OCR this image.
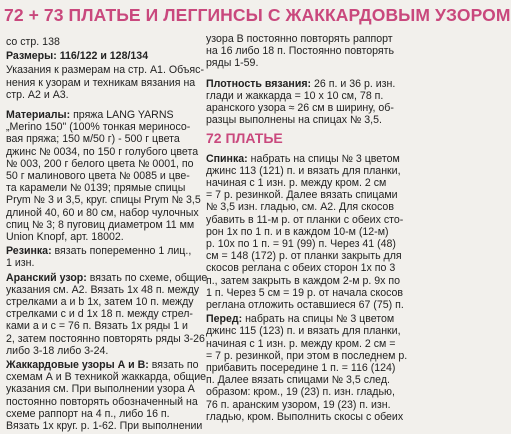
72 + 73 ПЛАТЬЕ И ЛЕГГИНСЫ С ЖАККАРДОВЫМ УЗОРОМ
со стр. 138
Размеры: 116/122 и 128/134
Указания к размерам на стр. А1. Объяс-
нения к узорам и техникам вязания на
стр. А2 и А3.
Материалы: пряжа LANG YARNS
„Merino 150" (100% тонкая мериносо-
вая пряжа; 150 м/50 г) - 500 г цвета
джинс № 0034, по 150 г голубого цвета
№ 003, 200 г белого цвета № 0001, по
50 г малинового цвета № 0085 и цве-
та карамели № 0139; прямые спицы
Prym № 3 и 3,5, круг. спицы Prym № 3,5
длиной 40, 60 и 80 см, набор чулочных
спиц № 3; 8 пуговиц диаметром 11 мм
Union Knopf, арт. 18002.
Резинка: вязать попеременно 1 лиц.,
1 изн.
Аранский узор: вязать по схеме, общие
указания см. А2. Вязать 1х 48 п. между
стрелками а и b 1х, затем 10 п. между
стрелками с и d 1х 18 п. между стрел-
ками a и c = 76 п. Вязать 1х ряды 1 и
2, затем постоянно повторять ряды 3-26
либо 3-18 либо 3-24.
Жаккардовые узоры А и В: вязать по
схемам А и В техникой жаккарда, общие
указания см. При выполнении узора А
постоянно повторять обозначенный на
схеме раппорт на 4 п., либо 16 п.
Вязать 1х круг. р. 1-62. При выполнении
узора В постоянно повторять раппорт
на 16 либо 18 п. Постоянно повторять
ряды 1-59.
Плотность вязания: 26 п. и 36 р. изн.
глади и жаккарда = 10 х 10 см, 78 п.
аранского узора ≈ 26 см в ширину, об-
разцы выполнены на спицах № 3,5.
72 ПЛАТЬЕ
Спинка: набрать на спицы № 3 цветом
джинс 113 (121) п. и вязать для планки,
начиная с 1 изн. р. между кром. 2 см
= 7 р. резинкой. Далее вязать спицами
№ 3,5 изн. гладью, см. А2. Для скосов
убавить в 11-м р. от планки с обеих сто-
рон 1х по 1 п. и в каждом 10-м (12-м)
р. 10х по 1 п. = 91 (99) п. Через 41 (48)
см = 148 (172) р. от планки закрыть для
скосов реглана с обеих сторон 1х по 3
п., затем закрыть в каждом 2-м р. 9х по
1 п. Через 5 см = 19 р. от начала скосов
реглана отложить оставшиеся 67 (75) п.
Перед: набрать на спицы № 3 цветом
джинс 115 (123) п. и вязать для планки,
начиная с 1 изн. р. между кром. 2 см =
= 7 р. резинкой, при этом в последнем р.
прибавить посередине 1 п. = 116 (124)
п. Далее вязать спицами № 3,5 след.
образом: кром., 19 (23) п. изн. гладью,
76 п. аранским узором, 19 (23) п. изн.
гладью, кром. Выполнить скосы с обеих
